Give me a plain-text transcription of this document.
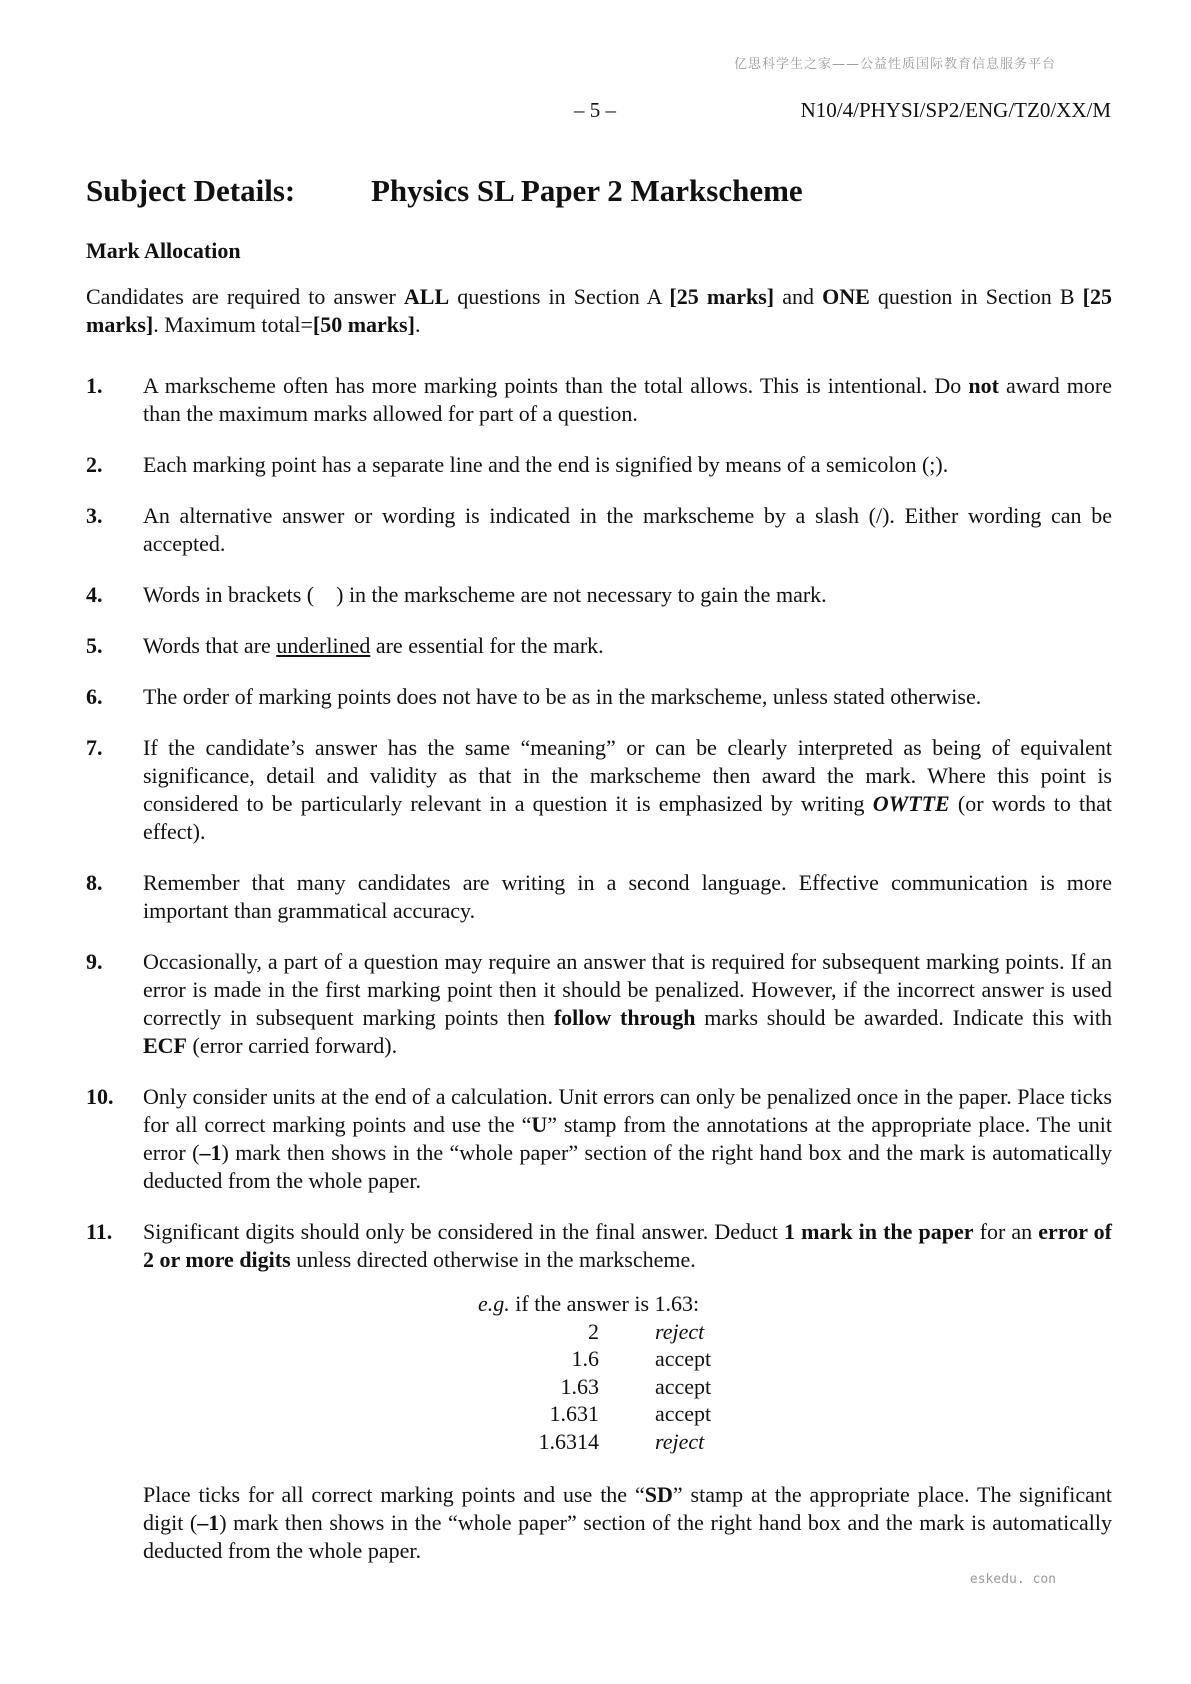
亿思科学生之家——公益性质国际教育信息服务平台
– 5 –	N10/4/PHYSI/SP2/ENG/TZ0/XX/M
Subject Details: Physics SL Paper 2 Markscheme
Mark Allocation
Candidates are required to answer ALL questions in Section A [25 marks] and ONE question in Section B [25 marks]. Maximum total=[50 marks].
1.	A markscheme often has more marking points than the total allows. This is intentional. Do not award more than the maximum marks allowed for part of a question.
2.	Each marking point has a separate line and the end is signified by means of a semicolon (;).
3.	An alternative answer or wording is indicated in the markscheme by a slash (/). Either wording can be accepted.
4.	Words in brackets (    ) in the markscheme are not necessary to gain the mark.
5.	Words that are underlined are essential for the mark.
6.	The order of marking points does not have to be as in the markscheme, unless stated otherwise.
7.	If the candidate’s answer has the same “meaning” or can be clearly interpreted as being of equivalent significance, detail and validity as that in the markscheme then award the mark. Where this point is considered to be particularly relevant in a question it is emphasized by writing OWTTE (or words to that effect).
8.	Remember that many candidates are writing in a second language. Effective communication is more important than grammatical accuracy.
9.	Occasionally, a part of a question may require an answer that is required for subsequent marking points. If an error is made in the first marking point then it should be penalized. However, if the incorrect answer is used correctly in subsequent marking points then follow through marks should be awarded. Indicate this with ECF (error carried forward).
10.	Only consider units at the end of a calculation. Unit errors can only be penalized once in the paper. Place ticks for all correct marking points and use the “U” stamp from the annotations at the appropriate place. The unit error (–1) mark then shows in the “whole paper” section of the right hand box and the mark is automatically deducted from the whole paper.
11.	Significant digits should only be considered in the final answer. Deduct 1 mark in the paper for an error of 2 or more digits unless directed otherwise in the markscheme.
e.g. if the answer is 1.63:
2	reject
1.6	accept
1.63	accept
1.631	accept
1.6314	reject
Place ticks for all correct marking points and use the “SD” stamp at the appropriate place. The significant digit (–1) mark then shows in the “whole paper” section of the right hand box and the mark is automatically deducted from the whole paper.
eskedu. con
